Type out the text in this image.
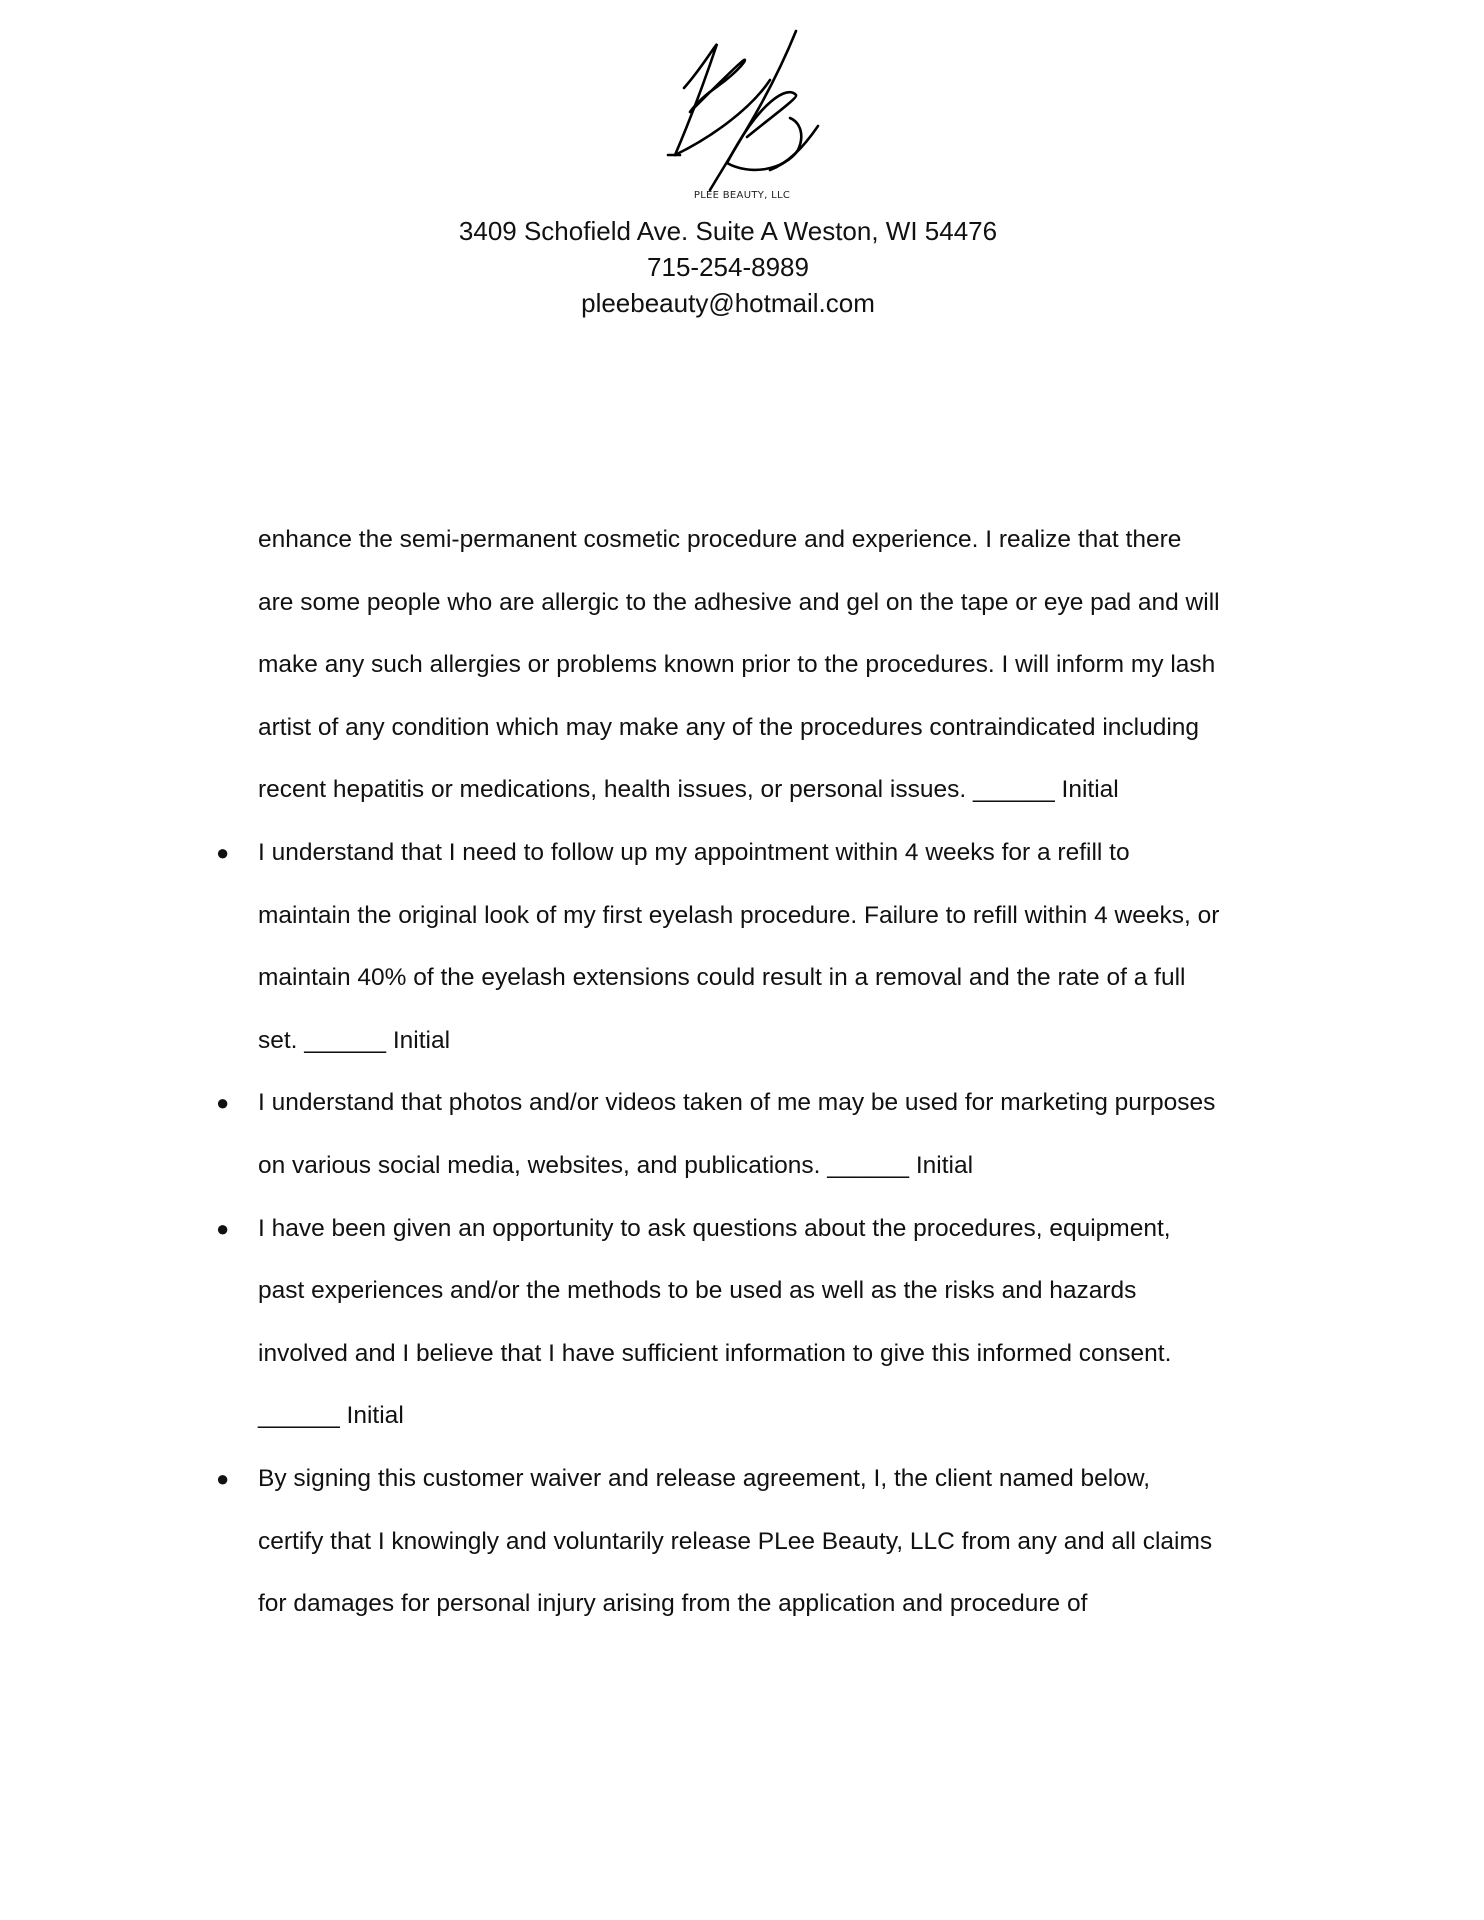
PLEE BEAUTY, LLC
3409 Schofield Ave. Suite A Weston, WI 54476
715-254-8989
pleebeauty@hotmail.com
enhance the semi-permanent cosmetic procedure and experience. I realize that there
are some people who are allergic to the adhesive and gel on the tape or eye pad and will
make any such allergies or problems known prior to the procedures. I will inform my lash
artist of any condition which may make any of the procedures contraindicated including
recent hepatitis or medications, health issues, or personal issues. ______ Initial
● I understand that I need to follow up my appointment within 4 weeks for a refill to
maintain the original look of my first eyelash procedure. Failure to refill within 4 weeks, or
maintain 40% of the eyelash extensions could result in a removal and the rate of a full
set. ______ Initial
● I understand that photos and/or videos taken of me may be used for marketing purposes
on various social media, websites, and publications. ______ Initial
● I have been given an opportunity to ask questions about the procedures, equipment,
past experiences and/or the methods to be used as well as the risks and hazards
involved and I believe that I have sufficient information to give this informed consent.
______ Initial
● By signing this customer waiver and release agreement, I, the client named below,
certify that I knowingly and voluntarily release PLee Beauty, LLC from any and all claims
for damages for personal injury arising from the application and procedure of
